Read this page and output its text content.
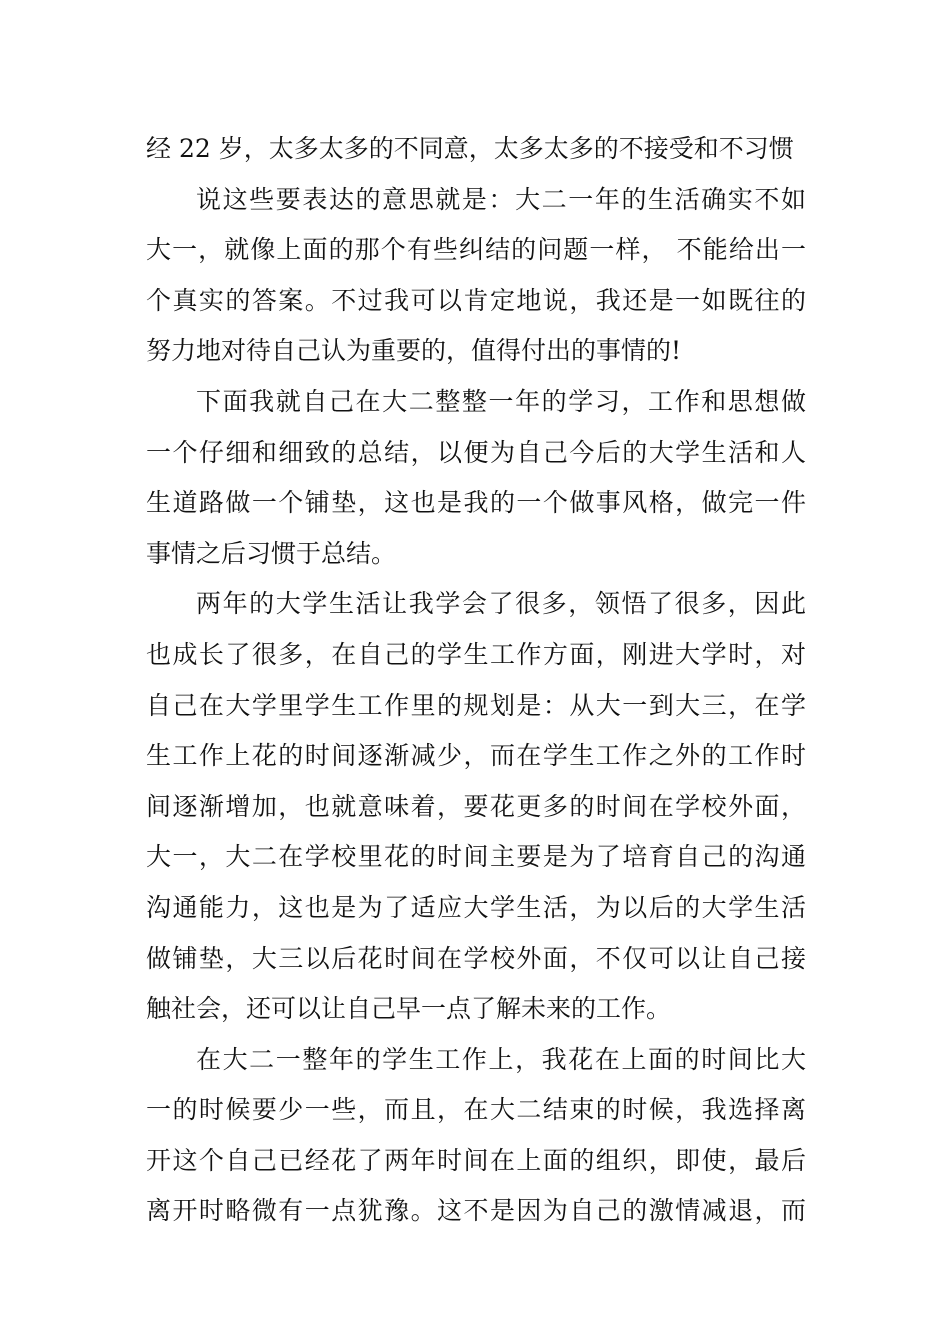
经 22 岁，太多太多的不同意，太多太多的不接受和不习惯
说这些要表达的意思就是：大二一年的生活确实不如
大一，就像上面的那个有些纠结的问题一样， 不能给出一
个真实的答案。不过我可以肯定地说，我还是一如既往的
努力地对待自己认为重要的，值得付出的事情的!
下面我就自己在大二整整一年的学习，工作和思想做
一个仔细和细致的总结，以便为自己今后的大学生活和人
生道路做一个铺垫，这也是我的一个做事风格，做完一件
事情之后习惯于总结。
两年的大学生活让我学会了很多，领悟了很多，因此
也成长了很多，在自己的学生工作方面，刚进大学时，对
自己在大学里学生工作里的规划是：从大一到大三，在学
生工作上花的时间逐渐减少，而在学生工作之外的工作时
间逐渐增加，也就意味着，要花更多的时间在学校外面，
大一，大二在学校里花的时间主要是为了培育自己的沟通
沟通能力，这也是为了适应大学生活，为以后的大学生活
做铺垫，大三以后花时间在学校外面，不仅可以让自己接
触社会，还可以让自己早一点了解未来的工作。
在大二一整年的学生工作上，我花在上面的时间比大
一的时候要少一些，而且，在大二结束的时候，我选择离
开这个自己已经花了两年时间在上面的组织，即使，最后
离开时略微有一点犹豫。这不是因为自己的激情减退，而
